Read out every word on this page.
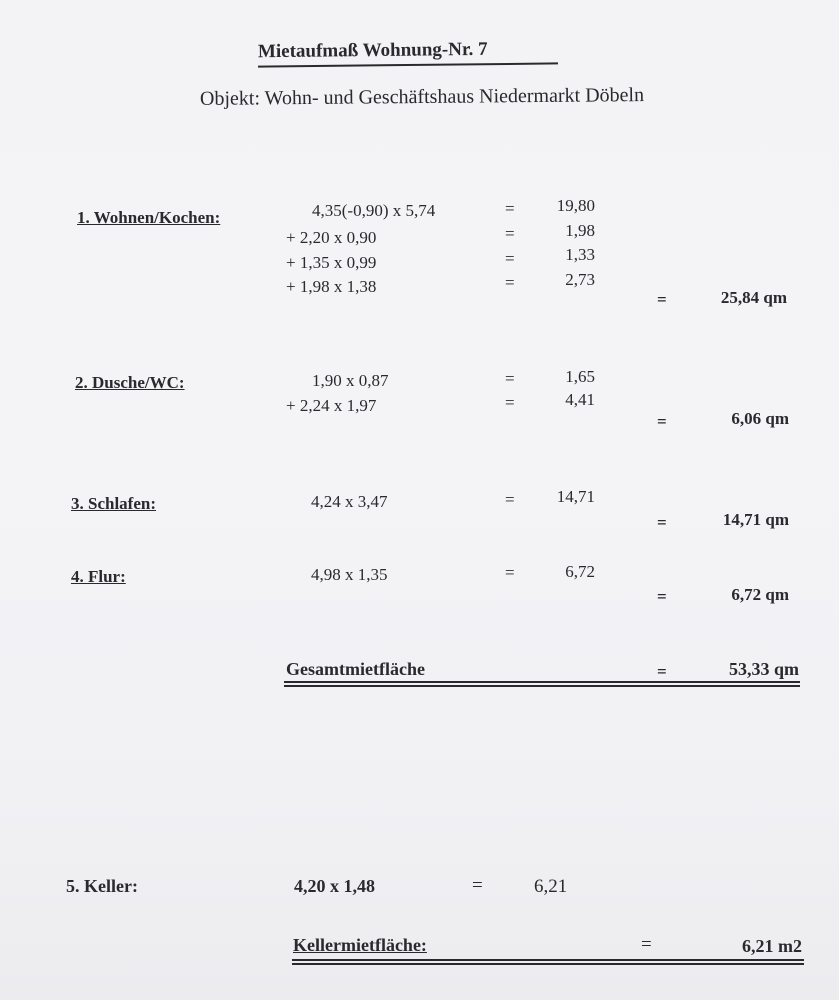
Mietaufmaß Wohnung-Nr. 7
Objekt: Wohn- und Geschäftshaus Niedermarkt Döbeln
1. Wohnen/Kochen:	4,35(-0,90) x 5,74	=	19,80
+ 2,20 x 0,90	=	1,98
+ 1,35 x 0,99	=	1,33
+ 1,98 x 1,38	=	2,73
=	25,84 qm
2. Dusche/WC:	1,90 x 0,87	=	1,65
+ 2,24 x 1,97	=	4,41
=	6,06 qm
3. Schlafen:	4,24 x 3,47	=	14,71
=	14,71 qm
4. Flur:	4,98 x 1,35	=	6,72
=	6,72 qm
Gesamtmietfläche	=	53,33 qm
5. Keller:	4,20 x 1,48	=	6,21
Kellermietfläche:	=	6,21 m2
